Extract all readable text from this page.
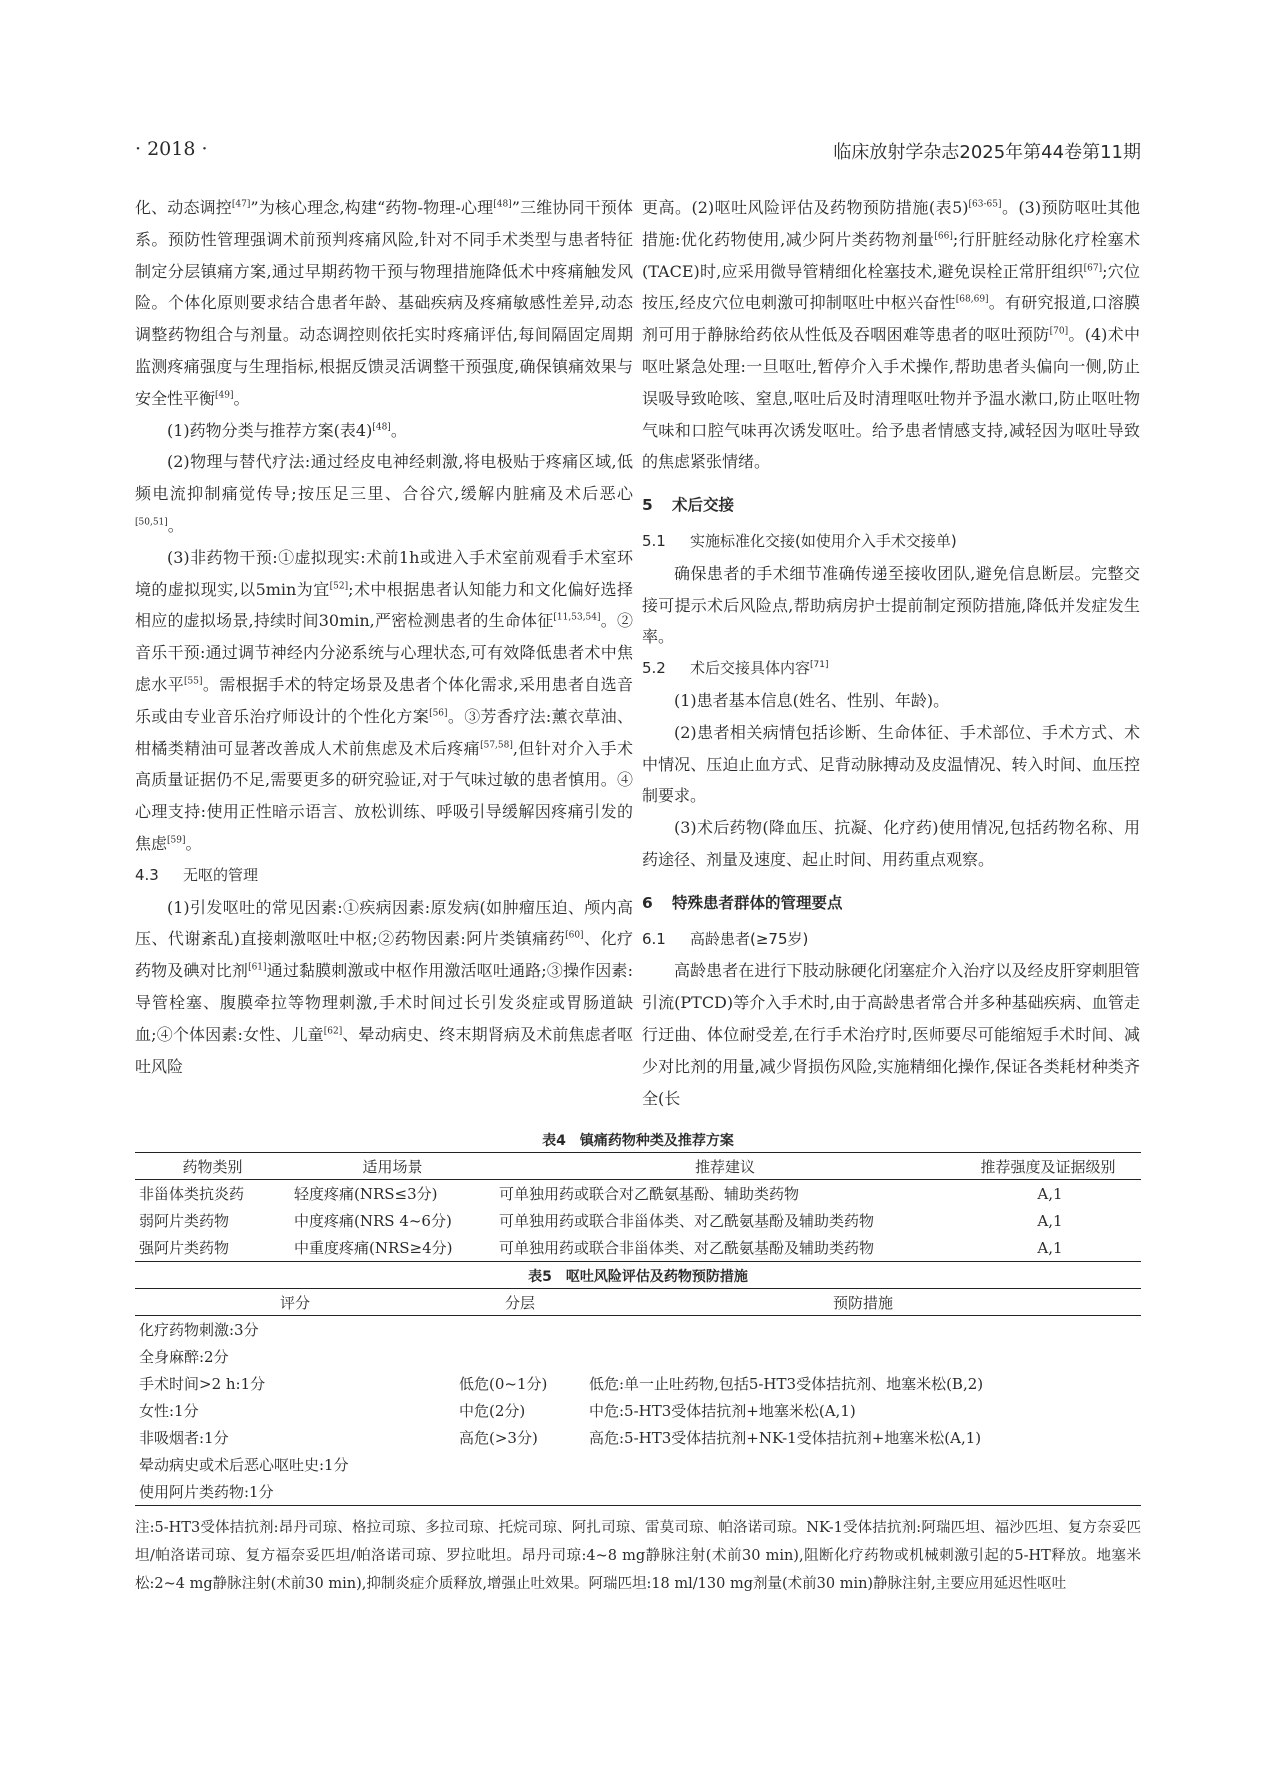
· 2018 ·	临床放射学杂志2025年第44卷第11期

化、动态调控[47]”为核心理念,构建“药物-物理-心理[48]”三维协同干预体系。预防性管理强调术前预判疼痛风险,针对不同手术类型与患者特征制定分层镇痛方案,通过早期药物干预与物理措施降低术中疼痛触发风险。个体化原则要求结合患者年龄、基础疾病及疼痛敏感性差异,动态调整药物组合与剂量。动态调控则依托实时疼痛评估,每间隔固定周期监测疼痛强度与生理指标,根据反馈灵活调整干预强度,确保镇痛效果与安全性平衡[49]。

(1)药物分类与推荐方案(表4)[48]。

(2)物理与替代疗法:通过经皮电神经刺激,将电极贴于疼痛区域,低频电流抑制痛觉传导;按压足三里、合谷穴,缓解内脏痛及术后恶心[50,51]。

(3)非药物干预:①虚拟现实:术前1h或进入手术室前观看手术室环境的虚拟现实,以5min为宜[52];术中根据患者认知能力和文化偏好选择相应的虚拟场景,持续时间30min,严密检测患者的生命体征[11,53,54]。②音乐干预:通过调节神经内分泌系统与心理状态,可有效降低患者术中焦虑水平[55]。需根据手术的特定场景及患者个体化需求,采用患者自选音乐或由专业音乐治疗师设计的个性化方案[56]。③芳香疗法:薰衣草油、柑橘类精油可显著改善成人术前焦虑及术后疼痛[57,58],但针对介入手术高质量证据仍不足,需要更多的研究验证,对于气味过敏的患者慎用。④心理支持:使用正性暗示语言、放松训练、呼吸引导缓解因疼痛引发的焦虑[59]。

4.3 无呕的管理

(1)引发呕吐的常见因素:①疾病因素:原发病(如肿瘤压迫、颅内高压、代谢紊乱)直接刺激呕吐中枢;②药物因素:阿片类镇痛药[60]、化疗药物及碘对比剂[61]通过黏膜刺激或中枢作用激活呕吐通路;③操作因素:导管栓塞、腹膜牵拉等物理刺激,手术时间过长引发炎症或胃肠道缺血;④个体因素:女性、儿童[62]、晕动病史、终末期肾病及术前焦虑者呕吐风险

更高。(2)呕吐风险评估及药物预防措施(表5)[63-65]。(3)预防呕吐其他措施:优化药物使用,减少阿片类药物剂量[66];行肝脏经动脉化疗栓塞术(TACE)时,应采用微导管精细化栓塞技术,避免误栓正常肝组织[67];穴位按压,经皮穴位电刺激可抑制呕吐中枢兴奋性[68,69]。有研究报道,口溶膜剂可用于静脉给药依从性低及吞咽困难等患者的呕吐预防[70]。(4)术中呕吐紧急处理:一旦呕吐,暂停介入手术操作,帮助患者头偏向一侧,防止误吸导致呛咳、窒息,呕吐后及时清理呕吐物并予温水漱口,防止呕吐物气味和口腔气味再次诱发呕吐。给予患者情感支持,减轻因为呕吐导致的焦虑紧张情绪。

5 术后交接
5.1 实施标准化交接(如使用介入手术交接单)

确保患者的手术细节准确传递至接收团队,避免信息断层。完整交接可提示术后风险点,帮助病房护士提前制定预防措施,降低并发症发生率。

5.2 术后交接具体内容[71]

(1)患者基本信息(姓名、性别、年龄)。

(2)患者相关病情包括诊断、生命体征、手术部位、手术方式、术中情况、压迫止血方式、足背动脉搏动及皮温情况、转入时间、血压控制要求。

(3)术后药物(降血压、抗凝、化疗药)使用情况,包括药物名称、用药途径、剂量及速度、起止时间、用药重点观察。

6 特殊患者群体的管理要点
6.1 高龄患者(≥75岁)

高龄患者在进行下肢动脉硬化闭塞症介入治疗以及经皮肝穿刺胆管引流(PTCD)等介入手术时,由于高龄患者常合并多种基础疾病、血管走行迂曲、体位耐受差,在行手术治疗时,医师要尽可能缩短手术时间、减少对比剂的用量,减少肾损伤风险,实施精细化操作,保证各类耗材种类齐全(长

表4　镇痛药物种类及推荐方案
药物类别	适用场景	推荐建议	推荐强度及证据级别
非甾体类抗炎药	轻度疼痛(NRS≤3分)	可单独用药或联合对乙酰氨基酚、辅助类药物	A,1
弱阿片类药物	中度疼痛(NRS 4~6分)	可单独用药或联合非甾体类、对乙酰氨基酚及辅助类药物	A,1
强阿片类药物	中重度疼痛(NRS≥4分)	可单独用药或联合非甾体类、对乙酰氨基酚及辅助类药物	A,1
表5　呕吐风险评估及药物预防措施
评分	分层	预防措施
化疗药物刺激:3分		
全身麻醉:2分		
手术时间>2 h:1分	低危(0~1分)	低危:单一止吐药物,包括5-HT3受体拮抗剂、地塞米松(B,2)
女性:1分	中危(2分)	中危:5-HT3受体拮抗剂+地塞米松(A,1)
非吸烟者:1分	高危(>3分)	高危:5-HT3受体拮抗剂+NK-1受体拮抗剂+地塞米松(A,1)
晕动病史或术后恶心呕吐史:1分		
使用阿片类药物:1分		
注:5-HT3受体拮抗剂:昂丹司琼、格拉司琼、多拉司琼、托烷司琼、阿扎司琼、雷莫司琼、帕洛诺司琼。NK-1受体拮抗剂:阿瑞匹坦、福沙匹坦、复方奈妥匹坦/帕洛诺司琼、复方福奈妥匹坦/帕洛诺司琼、罗拉吡坦。昂丹司琼:4~8 mg静脉注射(术前30 min),阻断化疗药物或机械刺激引起的5-HT释放。地塞米松:2~4 mg静脉注射(术前30 min),抑制炎症介质释放,增强止吐效果。阿瑞匹坦:18 ml/130 mg剂量(术前30 min)静脉注射,主要应用延迟性呕吐
